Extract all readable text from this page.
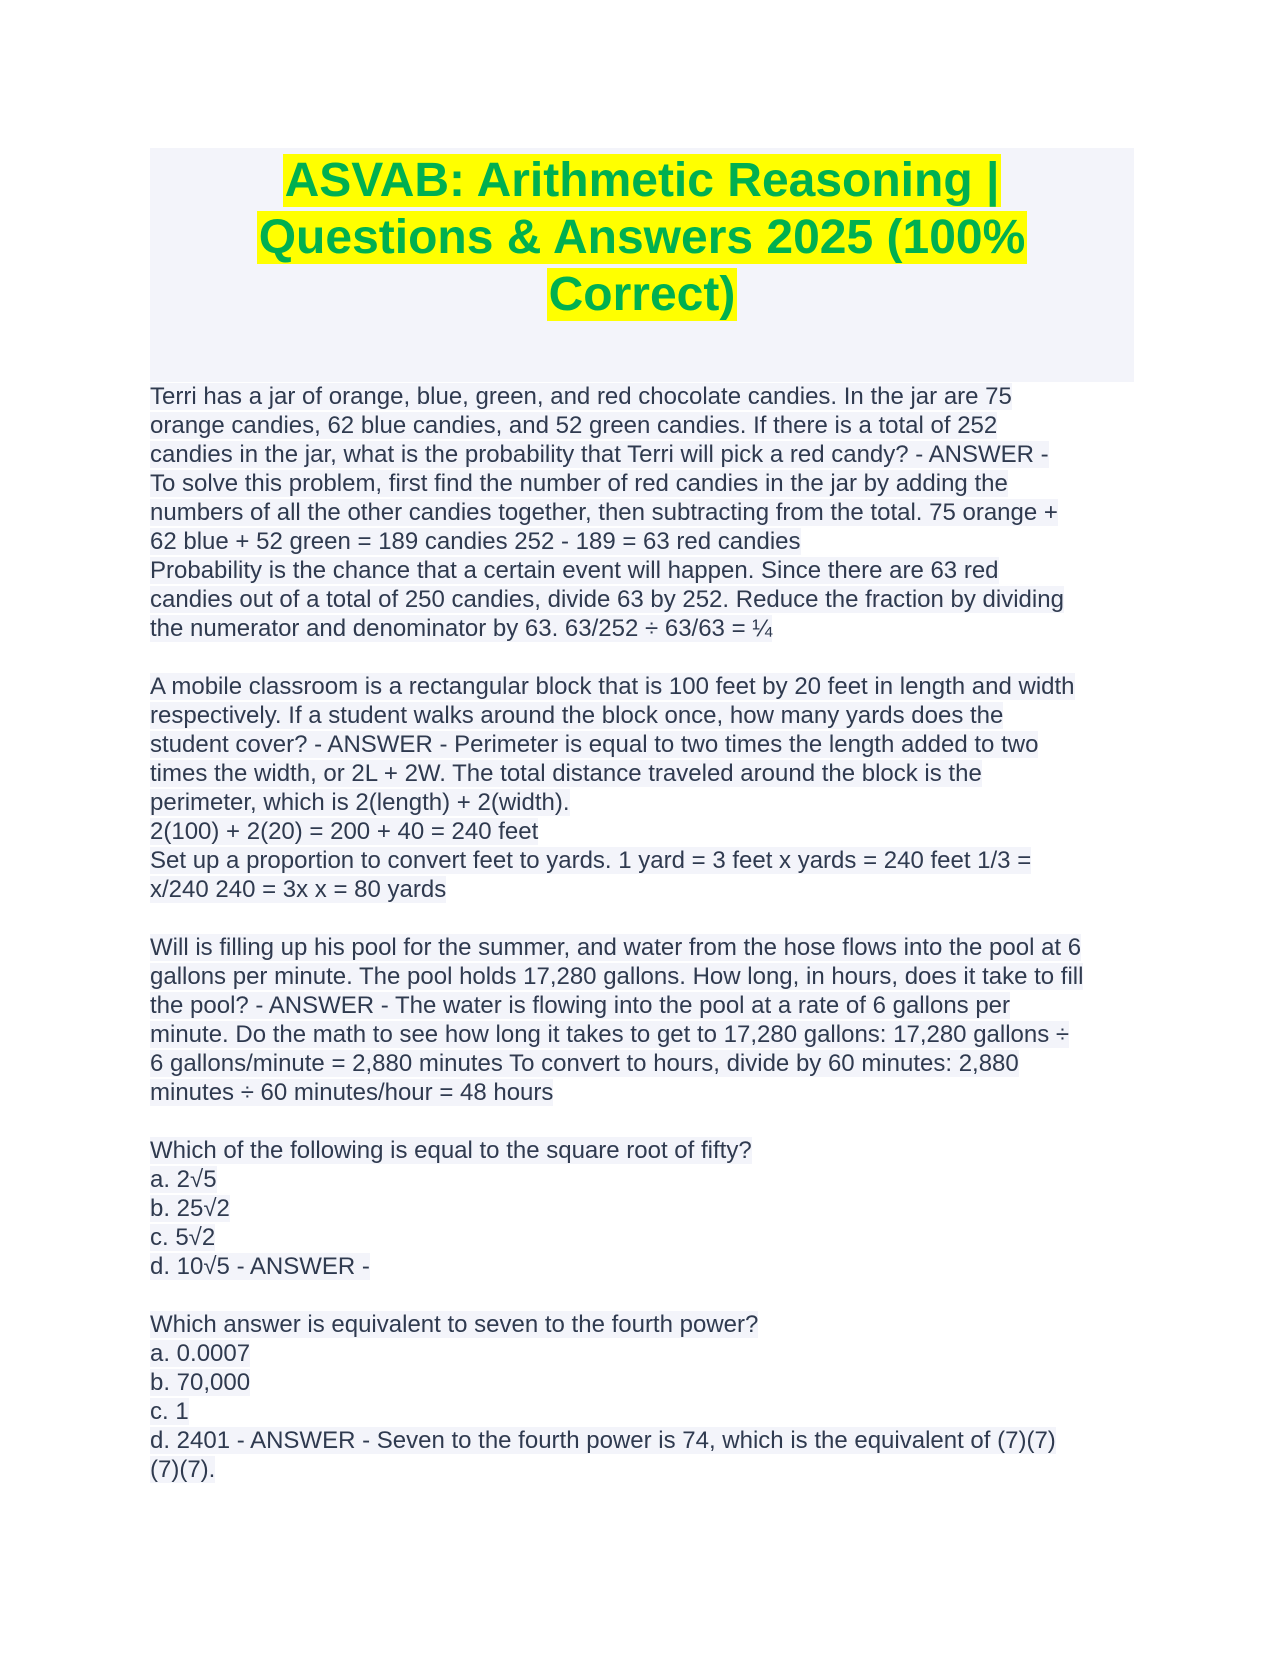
ASVAB: Arithmetic Reasoning |
Questions & Answers 2025 (100%
Correct)
Terri has a jar of orange, blue, green, and red chocolate candies. In the jar are 75
orange candies, 62 blue candies, and 52 green candies. If there is a total of 252
candies in the jar, what is the probability that Terri will pick a red candy? - ANSWER -
To solve this problem, first find the number of red candies in the jar by adding the
numbers of all the other candies together, then subtracting from the total. 75 orange +
62 blue + 52 green = 189 candies 252 - 189 = 63 red candies
Probability is the chance that a certain event will happen. Since there are 63 red
candies out of a total of 250 candies, divide 63 by 252. Reduce the fraction by dividing
the numerator and denominator by 63. 63/252 ÷ 63/63 = ¼
A mobile classroom is a rectangular block that is 100 feet by 20 feet in length and width
respectively. If a student walks around the block once, how many yards does the
student cover? - ANSWER - Perimeter is equal to two times the length added to two
times the width, or 2L + 2W. The total distance traveled around the block is the
perimeter, which is 2(length) + 2(width).
2(100) + 2(20) = 200 + 40 = 240 feet
Set up a proportion to convert feet to yards. 1 yard = 3 feet x yards = 240 feet 1/3 =
x/240 240 = 3x x = 80 yards
Will is filling up his pool for the summer, and water from the hose flows into the pool at 6
gallons per minute. The pool holds 17,280 gallons. How long, in hours, does it take to fill
the pool? - ANSWER - The water is flowing into the pool at a rate of 6 gallons per
minute. Do the math to see how long it takes to get to 17,280 gallons: 17,280 gallons ÷
6 gallons/minute = 2,880 minutes To convert to hours, divide by 60 minutes: 2,880
minutes ÷ 60 minutes/hour = 48 hours
Which of the following is equal to the square root of fifty?
a. 2√5
b. 25√2
c. 5√2
d. 10√5 - ANSWER -
Which answer is equivalent to seven to the fourth power?
a. 0.0007
b. 70,000
c. 1
d. 2401 - ANSWER - Seven to the fourth power is 74, which is the equivalent of (7)(7)
(7)(7).
